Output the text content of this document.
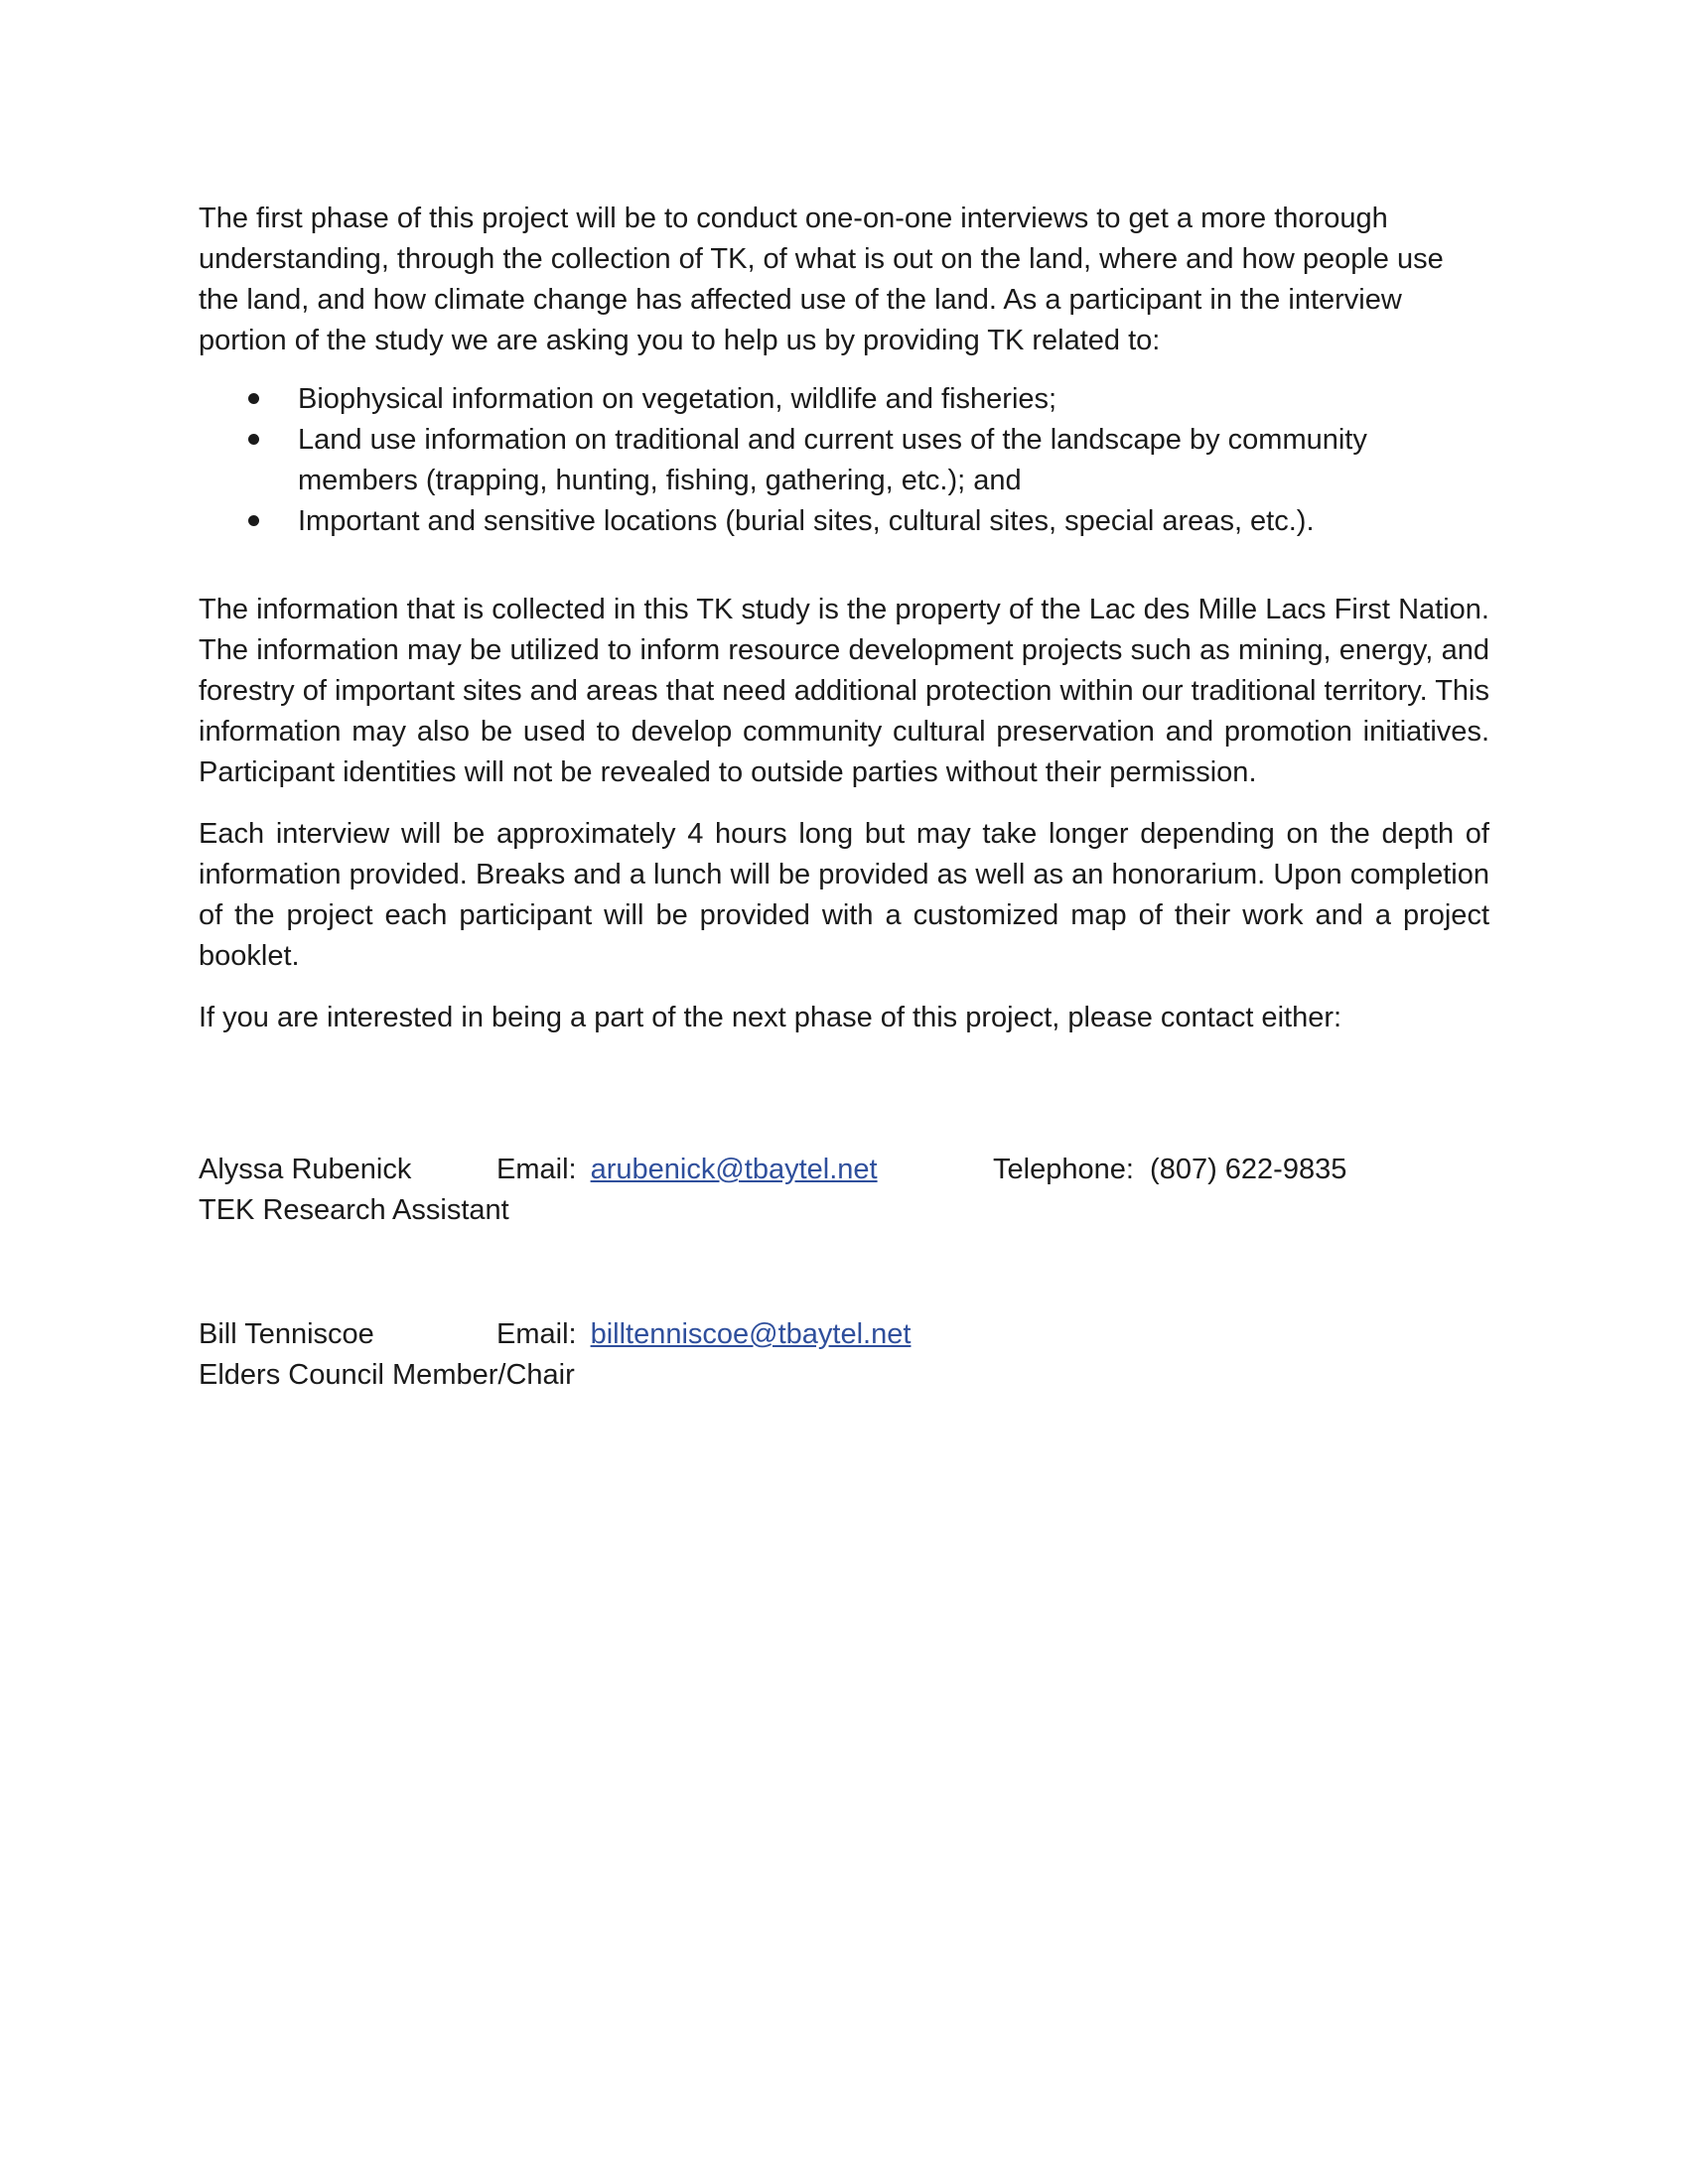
The first phase of this project will be to conduct one-on-one interviews to get a more thorough understanding, through the collection of TK, of what is out on the land, where and how people use the land, and how climate change has affected use of the land. As a participant in the interview portion of the study we are asking you to help us by providing TK related to:

Biophysical information on vegetation, wildlife and fisheries;
Land use information on traditional and current uses of the landscape by community members (trapping, hunting, fishing, gathering, etc.); and
Important and sensitive locations (burial sites, cultural sites, special areas, etc.).

The information that is collected in this TK study is the property of the Lac des Mille Lacs First Nation. The information may be utilized to inform resource development projects such as mining, energy, and forestry of important sites and areas that need additional protection within our traditional territory. This information may also be used to develop community cultural preservation and promotion initiatives. Participant identities will not be revealed to outside parties without their permission.

Each interview will be approximately 4 hours long but may take longer depending on the depth of information provided. Breaks and a lunch will be provided as well as an honorarium. Upon completion of the project each participant will be provided with a customized map of their work and a project booklet.

If you are interested in being a part of the next phase of this project, please contact either:

Alyssa Rubenick	Email: arubenick@tbaytel.net	Telephone: (807) 622-9835
TEK Research Assistant
Bill Tenniscoe	Email: billtenniscoe@tbaytel.net
Elders Council Member/Chair
